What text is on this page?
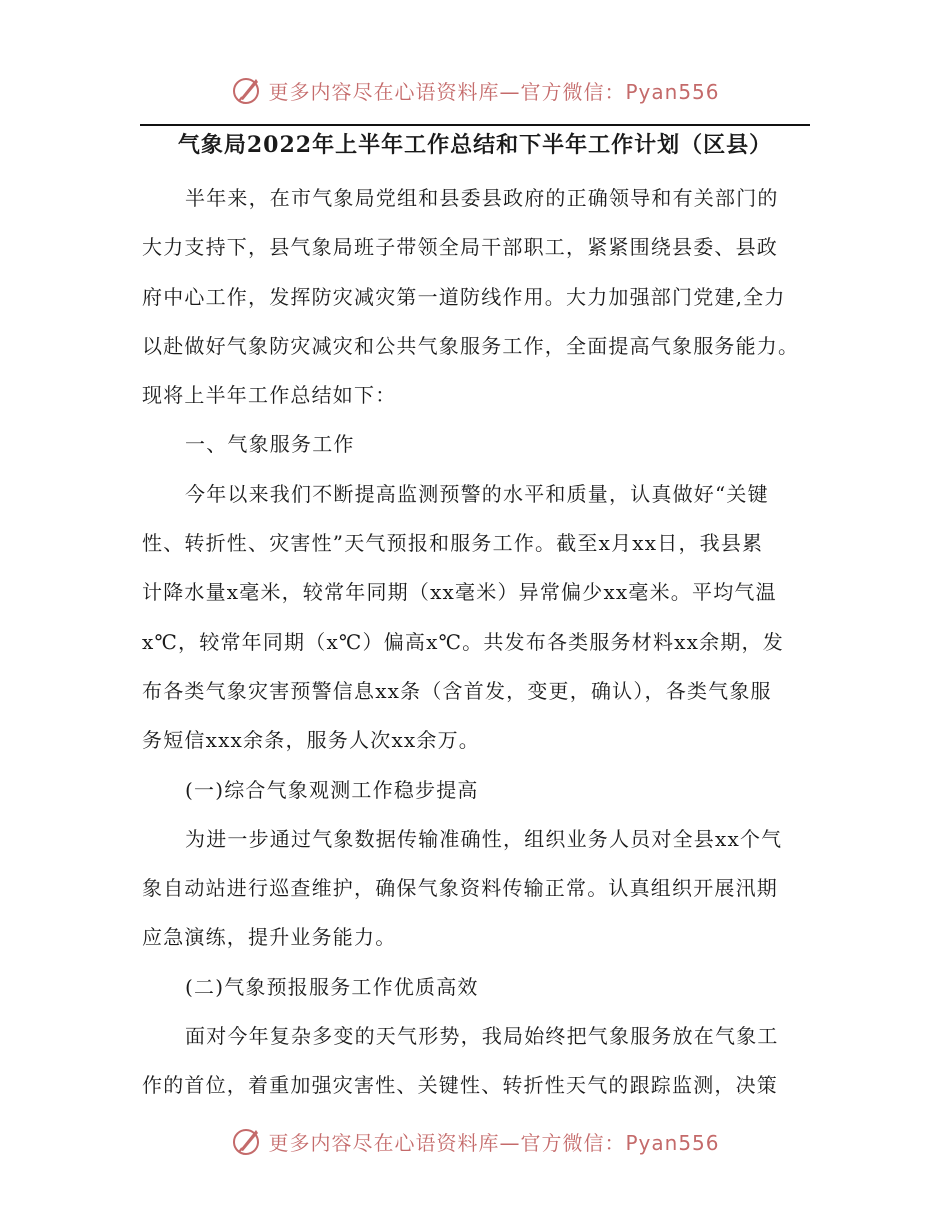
更多内容尽在心语资料库—官方微信：Pyan556
气象局2022年上半年工作总结和下半年工作计划（区县）
半年来，在市气象局党组和县委县政府的正确领导和有关部门的
大力支持下，县气象局班子带领全局干部职工，紧紧围绕县委、县政
府中心工作，发挥防灾减灾第一道防线作用。大力加强部门党建,全力
以赴做好气象防灾减灾和公共气象服务工作，全面提高气象服务能力。
现将上半年工作总结如下：
一、气象服务工作
今年以来我们不断提高监测预警的水平和质量，认真做好“关键
性、转折性、灾害性”天气预报和服务工作。截至x月xx日，我县累
计降水量x毫米，较常年同期（xx毫米）异常偏少xx毫米。平均气温
x℃，较常年同期（x℃）偏高x℃。共发布各类服务材料xx余期，发
布各类气象灾害预警信息xx条（含首发，变更，确认），各类气象服
务短信xxx余条，服务人次xx余万。
(一)综合气象观测工作稳步提高
为进一步通过气象数据传输准确性，组织业务人员对全县xx个气
象自动站进行巡查维护，确保气象资料传输正常。认真组织开展汛期
应急演练，提升业务能力。
(二)气象预报服务工作优质高效
面对今年复杂多变的天气形势，我局始终把气象服务放在气象工
作的首位，着重加强灾害性、关键性、转折性天气的跟踪监测，决策
更多内容尽在心语资料库—官方微信：Pyan556
